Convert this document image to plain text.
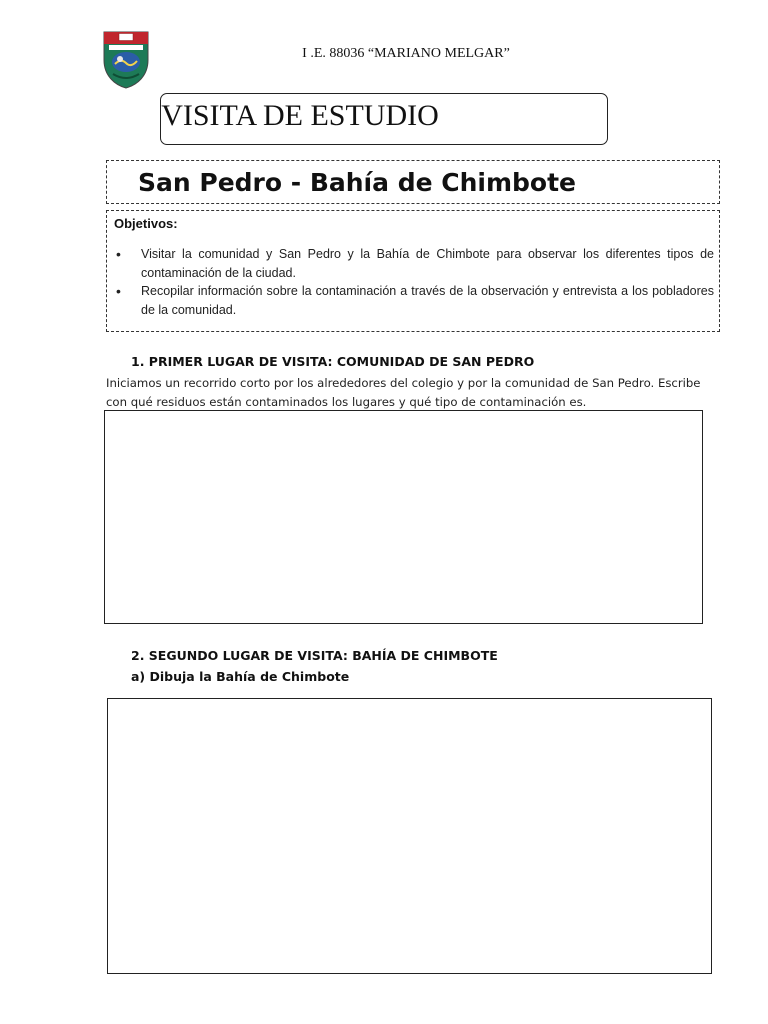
I .E. 88036 “MARIANO MELGAR”
VISITA DE ESTUDIO
San Pedro - Bahía de Chimbote
Objetivos:
• Visitar la comunidad y San Pedro y la Bahía de Chimbote para observar los diferentes tipos de contaminación de la ciudad.
• Recopilar información sobre la contaminación a través de la observación y entrevista a los pobladores de la comunidad.
1. PRIMER LUGAR DE VISITA: COMUNIDAD DE SAN PEDRO
Iniciamos un recorrido corto por los alrededores del colegio y por la comunidad de San Pedro. Escribe con qué residuos están contaminados los lugares y qué tipo de contaminación es.
2. SEGUNDO LUGAR DE VISITA: BAHÍA DE CHIMBOTE
a) Dibuja la Bahía de Chimbote
